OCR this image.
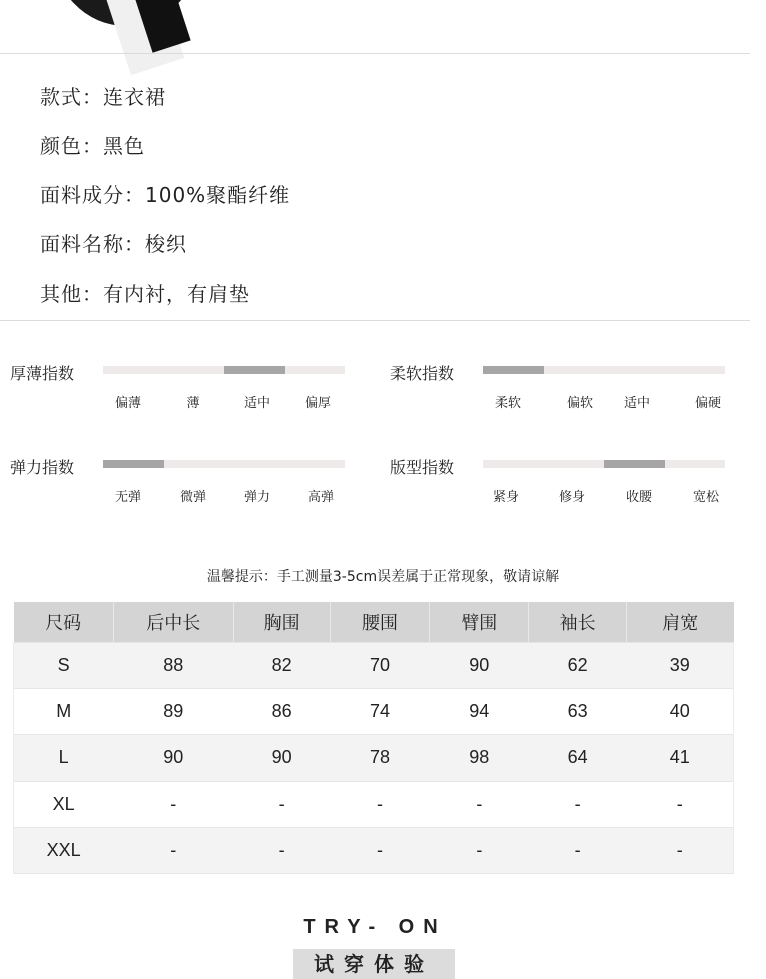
款式：连衣裙
颜色：黑色
面料成分：100%聚酯纤维
面料名称：梭织
其他：有内衬，有肩垫
厚薄指数
偏薄	薄	适中	偏厚
柔软指数
柔软	偏软 适中	偏硬
弹力指数
无弹	微弹	弹力	高弹
版型指数
紧身	修身	收腰	宽松
温馨提示：手工测量3-5cm误差属于正常现象，敬请谅解
尺码	后中长	胸围	腰围	臂围	袖长	肩宽
S	88	82	70	90	62	39
M	89	86	74	94	63	40
L	90	90	78	98	64	41
XL	-	-	-	-	-	-
XXL	-	-	-	-	-	-
TRY- ON
试穿体验
